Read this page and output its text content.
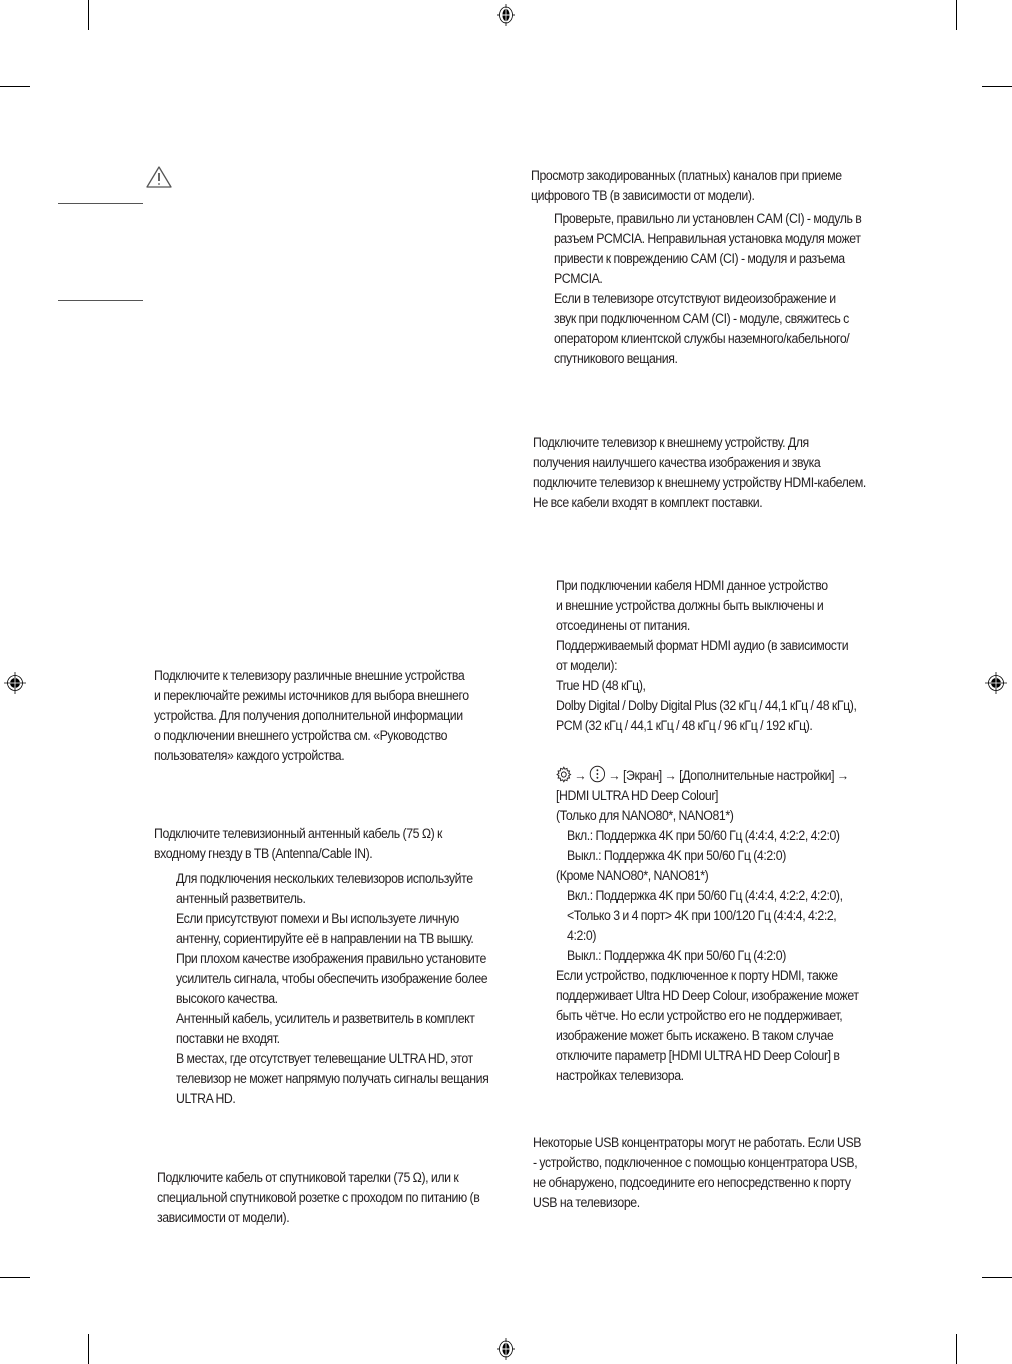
Подключите к телевизору различные внешние устройства

и переключайте режимы источников для выбора внешнего

устройства. Для получения дополнительной информации

о подключении внешнего устройства см. «Руководство

пользователя» каждого устройства.

Подключите телевизионный антенный кабель (75 Ω) к

входному гнезду в ТВ (Antenna/Cable IN).

Для подключения нескольких телевизоров используйте

антенный разветвитель.

Если присутствуют помехи и Вы используете личную

антенну, сориентируйте её в направлении на ТВ вышку.

При плохом качестве изображения правильно установите

усилитель сигнала, чтобы обеспечить изображение более

высокого качества.

Антенный кабель, усилитель и разветвитель в комплект

поставки не входят.

В местах, где отсутствует телевещание ULTRA HD, этот

телевизор не может напрямую получать сигналы вещания

ULTRA HD.

Подключите кабель от спутниковой тарелки (75 Ω), или к

специальной спутниковой розетке с проходом по питанию (в

зависимости от модели).

Просмотр закодированных (платных) каналов при приеме

цифрового ТВ (в зависимости от модели).

Проверьте, правильно ли установлен CAM (CI) - модуль в

разъем PCMCIA. Неправильная установка модуля может

привести к повреждению CAM (CI) - модуля и разъема

PCMCIA.

Если в телевизоре отсутствуют видеоизображение и

звук при подключенном CAM (CI) - модуле, свяжитесь с

оператором клиентской службы наземного/кабельного/

спутникового вещания.

Подключите телевизор к внешнему устройству. Для

получения наилучшего качества изображения и звука

подключите телевизор к внешнему устройству HDMI-кабелем.

Не все кабели входят в комплект поставки.

При подключении кабеля HDMI данное устройство

и внешние устройства должны быть выключены и

отсоединены от питания.

Поддерживаемый формат HDMI аудио (в зависимости

от модели):

True HD (48 кГц),

Dolby Digital / Dolby Digital Plus (32 кГц / 44,1 кГц / 48 кГц),

PCM (32 кГц / 44,1 кГц / 48 кГц / 96 кГц / 192 кГц).

→ → [Экран] → [Дополнительные настройки] →

[HDMI ULTRA HD Deep Colour]

(Только для NANO80*, NANO81*)

Вкл.: Поддержка 4K при 50/60 Гц (4:4:4, 4:2:2, 4:2:0)

Выкл.: Поддержка 4K при 50/60 Гц (4:2:0)

(Кроме NANO80*, NANO81*)

Вкл.: Поддержка 4K при 50/60 Гц (4:4:4, 4:2:2, 4:2:0),

<Только 3 и 4 порт> 4K при 100/120 Гц (4:4:4, 4:2:2,

4:2:0)

Выкл.: Поддержка 4K при 50/60 Гц (4:2:0)

Если устройство, подключенное к порту HDMI, также

поддерживает Ultra HD Deep Colour, изображение может

быть чётче. Но если устройство его не поддерживает,

изображение может быть искажено. В таком случае

отключите параметр [HDMI ULTRA HD Deep Colour] в

настройках телевизора.

Некоторые USB концентраторы могут не работать. Если USB

- устройство, подключенное с помощью концентратора USB,

не обнаружено, подсоедините его непосредственно к порту

USB на телевизоре.
